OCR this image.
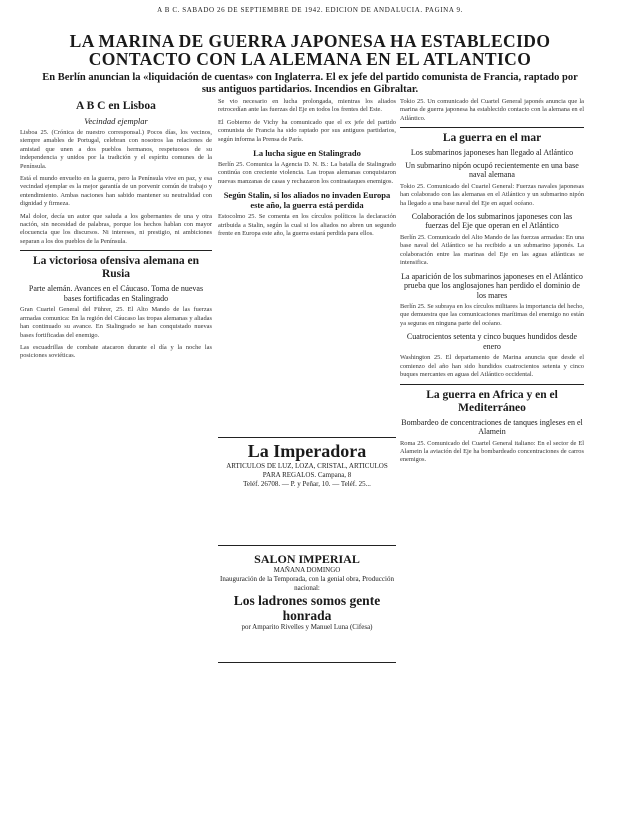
A B C. SABADO 26 DE SEPTIEMBRE DE 1942. EDICION DE ANDALUCIA. PAGINA 9.
LA MARINA DE GUERRA JAPONESA HA ESTABLECIDO CONTACTO CON LA ALEMANA EN EL ATLANTICO
En Berlín anuncian la «liquidación de cuentas» con Inglaterra. El ex jefe del partido comunista de Francia, raptado por sus antiguos partidarios. Incendios en Gibraltar.
A B C en Lisboa
Vecindad ejemplar

Lisboa 25. (Crónica de nuestro corresponsal.) Pocos días, los vecinos, siempre amables de Portugal, celebran con nosotros las relaciones de amistad que unen a dos pueblos hermanos, respetuosos de su independencia y unidos por la tradición y el espíritu comunes de la Península.

Está el mundo envuelto en la guerra, pero la Península vive en paz, y esa vecindad ejemplar es la mejor garantía de un porvenir común de trabajo y entendimiento. Ambas naciones han sabido mantener su neutralidad con dignidad y firmeza.

Mal dolor, decía un autor que saluda a los gobernantes de una y otra nación, sin necesidad de palabras, porque los hechos hablan con mayor elocuencia que los discursos. Ni intereses, ni prestigio, ni ambiciones separan a los dos pueblos de la Península.

La victoriosa ofensiva alemana en Rusia
Parte alemán. Avances en el Cáucaso. Toma de nuevas bases fortificadas en Stalingrado

Gran Cuartel General del Führer, 25. El Alto Mando de las fuerzas armadas comunica: En la región del Cáucaso las tropas alemanas y aliadas han continuado su avance. En Stalingrado se han conquistado nuevas bases fortificadas del enemigo.

Las escuadrillas de combate atacaron durante el día y la noche las posiciones soviéticas.

Se vio necesario en lucha prolongada, mientras los aliados retrocedían ante las fuerzas del Eje en todos los frentes del Este.

El Gobierno de Vichy ha comunicado que el ex jefe del partido comunista de Francia ha sido raptado por sus antiguos partidarios, según informa la Prensa de París.

La lucha sigue en Stalingrado

Berlín 25. Comunica la Agencia D. N. B.: La batalla de Stalingrado continúa con creciente violencia. Las tropas alemanas conquistaron nuevas manzanas de casas y rechazaron los contraataques enemigos.

Según Stalin, si los aliados no invaden Europa este año, la guerra está perdida

Estocolmo 25. Se comenta en los círculos políticos la declaración atribuida a Stalin, según la cual si los aliados no abren un segundo frente en Europa este año, la guerra estará perdida para ellos.

La Imperadora
ARTICULOS DE LUZ, LOZA, CRISTAL, ARTICULOS PARA REGALOS. Campana, 8
Teléf. 26708. — P. y Peñar, 10. — Teléf. 25...
SALON IMPERIAL
MAÑANA DOMINGO
Inauguración de la Temporada, con la genial obra, Producción nacional:
Los ladrones somos gente honrada
por Amparito Rivelles y Manuel Luna (Cifesa)

Tokio 25. Un comunicado del Cuartel General japonés anuncia que la marina de guerra japonesa ha establecido contacto con la alemana en el Atlántico.

La guerra en el mar
Los submarinos japoneses han llegado al Atlántico
Un submarino nipón ocupó recientemente en una base naval alemana

Tokio 25. Comunicado del Cuartel General: Fuerzas navales japonesas han colaborado con las alemanas en el Atlántico y un submarino nipón ha llegado a una base naval del Eje en aquel océano.

Colaboración de los submarinos japoneses con las fuerzas del Eje que operan en el Atlántico

Berlín 25. Comunicado del Alto Mando de las fuerzas armadas: En una base naval del Atlántico se ha recibido a un submarino japonés. La colaboración entre las marinas del Eje en las aguas atlánticas se intensifica.

La aparición de los submarinos japoneses en el Atlántico prueba que los anglosajones han perdido el dominio de los mares

Berlín 25. Se subraya en los círculos militares la importancia del hecho, que demuestra que las comunicaciones marítimas del enemigo no están ya seguras en ninguna parte del océano.

Cuatrocientos setenta y cinco buques hundidos desde enero

Washington 25. El departamento de Marina anuncia que desde el comienzo del año han sido hundidos cuatrocientos setenta y cinco buques mercantes en aguas del Atlántico occidental.

La guerra en Africa y en el Mediterráneo
Bombardeo de concentraciones de tanques ingleses en el Alamein

Roma 25. Comunicado del Cuartel General italiano: En el sector de El Alamein la aviación del Eje ha bombardeado concentraciones de carros enemigos.
